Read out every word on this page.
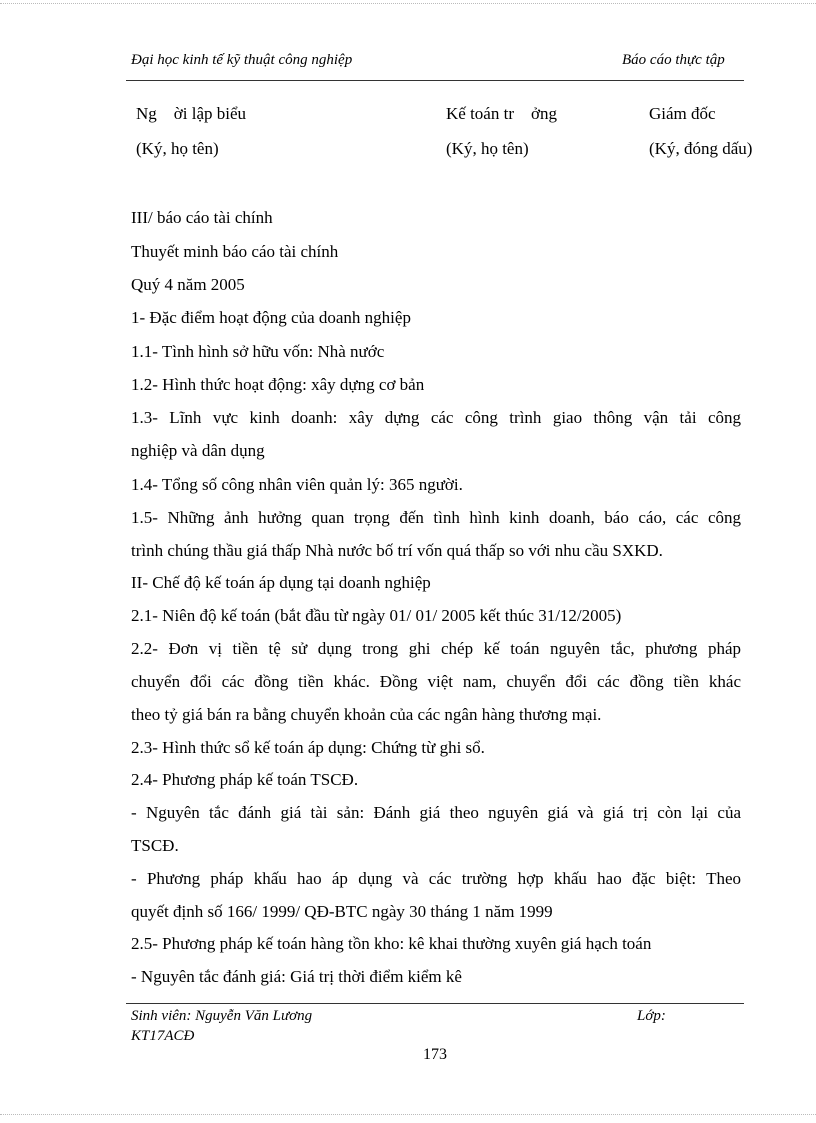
Đại học kinh tế kỹ thuật công nghiệp	Báo cáo thực tập
Ng    ời lập biểu
(Ký, họ tên)
Kế toán tr    ởng
(Ký, họ tên)
Giám đốc
(Ký, đóng dấu)
III/ báo cáo tài chính
Thuyết minh báo cáo tài chính
Quý 4 năm 2005
1- Đặc điểm hoạt động của doanh nghiệp
1.1- Tình hình sở hữu vốn: Nhà nước
1.2- Hình thức hoạt động: xây dựng cơ bản
1.3- Lĩnh vực kinh doanh: xây dựng các công trình giao thông vận tải công
nghiệp và dân dụng
1.4- Tổng số công nhân viên quản lý: 365 người.
1.5- Những ảnh hưởng quan trọng đến tình hình kinh doanh, báo cáo, các công
trình chúng thầu giá thấp Nhà nước bố trí vốn quá thấp so với nhu cầu SXKD.
II- Chế độ kế toán áp dụng tại doanh nghiệp
2.1- Niên độ kế toán (bắt đầu từ ngày 01/ 01/ 2005 kết thúc 31/12/2005)
2.2- Đơn vị tiền tệ sử dụng trong ghi chép kế toán nguyên tắc, phương pháp
chuyển đổi các đồng tiền khác. Đồng việt nam, chuyển đổi các đồng tiền khác
theo tỷ giá bán ra bằng chuyển khoản của các ngân hàng thương mại.
2.3- Hình thức sổ kế toán áp dụng: Chứng từ ghi sổ.
2.4- Phương pháp kế toán TSCĐ.
- Nguyên tắc đánh giá tài sản: Đánh giá theo nguyên giá và giá trị còn lại của
TSCĐ.
- Phương pháp khấu hao áp dụng và các trường hợp khấu hao đặc biệt: Theo
quyết định số 166/ 1999/ QĐ-BTC ngày 30 tháng 1 năm 1999
2.5- Phương pháp kế toán hàng tồn kho: kê khai thường xuyên giá hạch toán
- Nguyên tắc đánh giá: Giá trị thời điểm kiểm kê
Sinh viên: Nguyễn Văn Lương	Lớp:
KT17ACĐ
173
